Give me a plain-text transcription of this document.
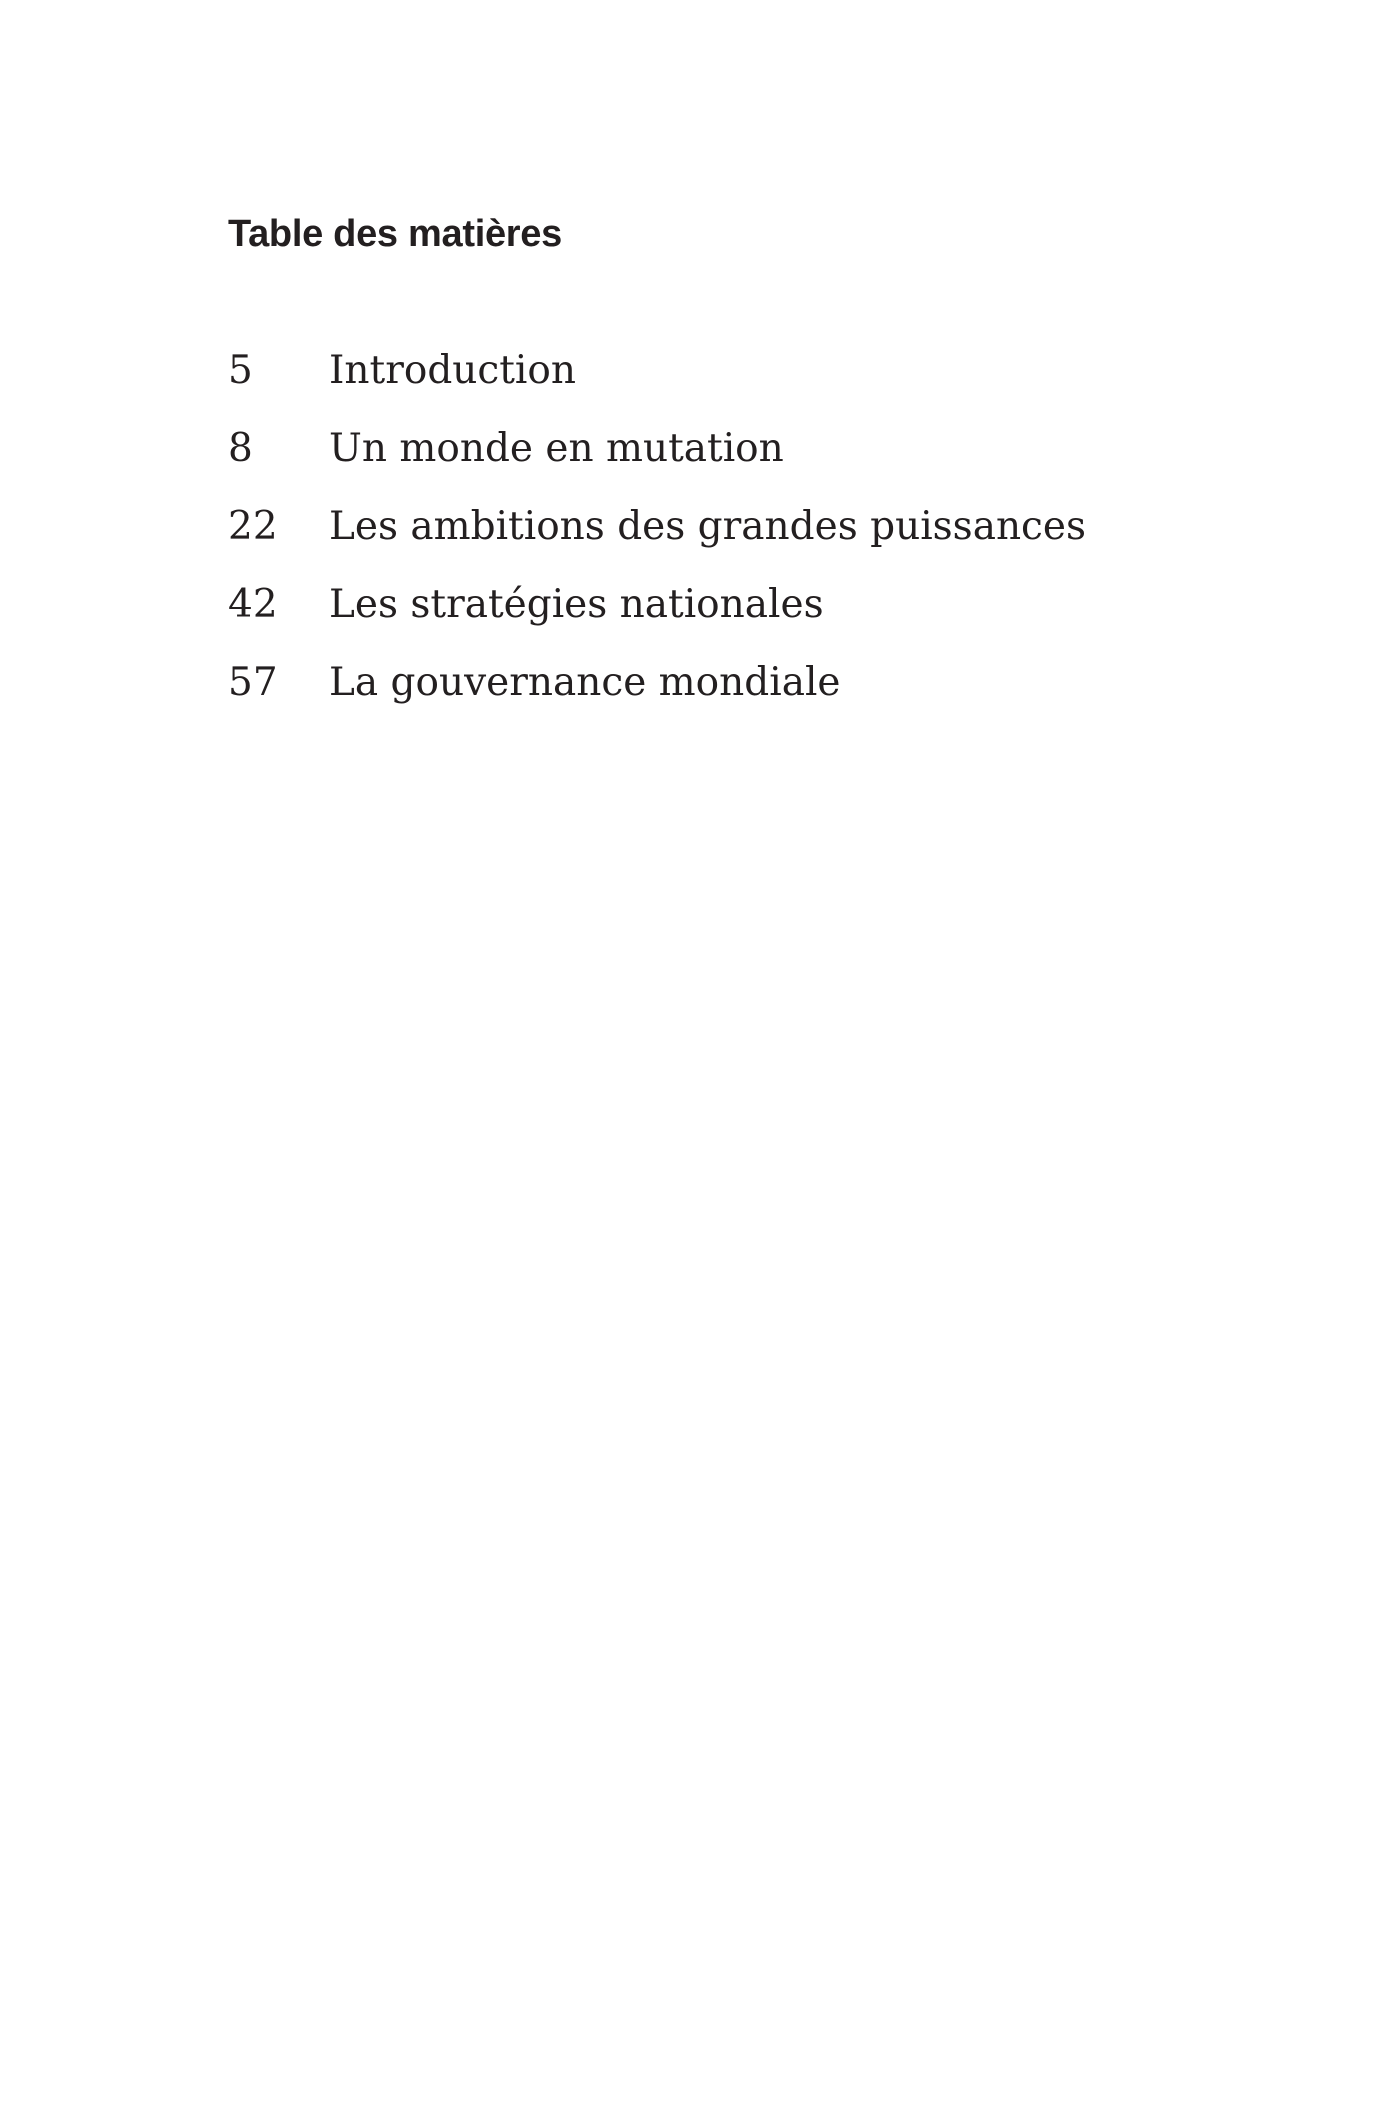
Table des matières
5	Introduction
8	Un monde en mutation
22	Les ambitions des grandes puissances
42	Les stratégies nationales
57	La gouvernance mondiale
